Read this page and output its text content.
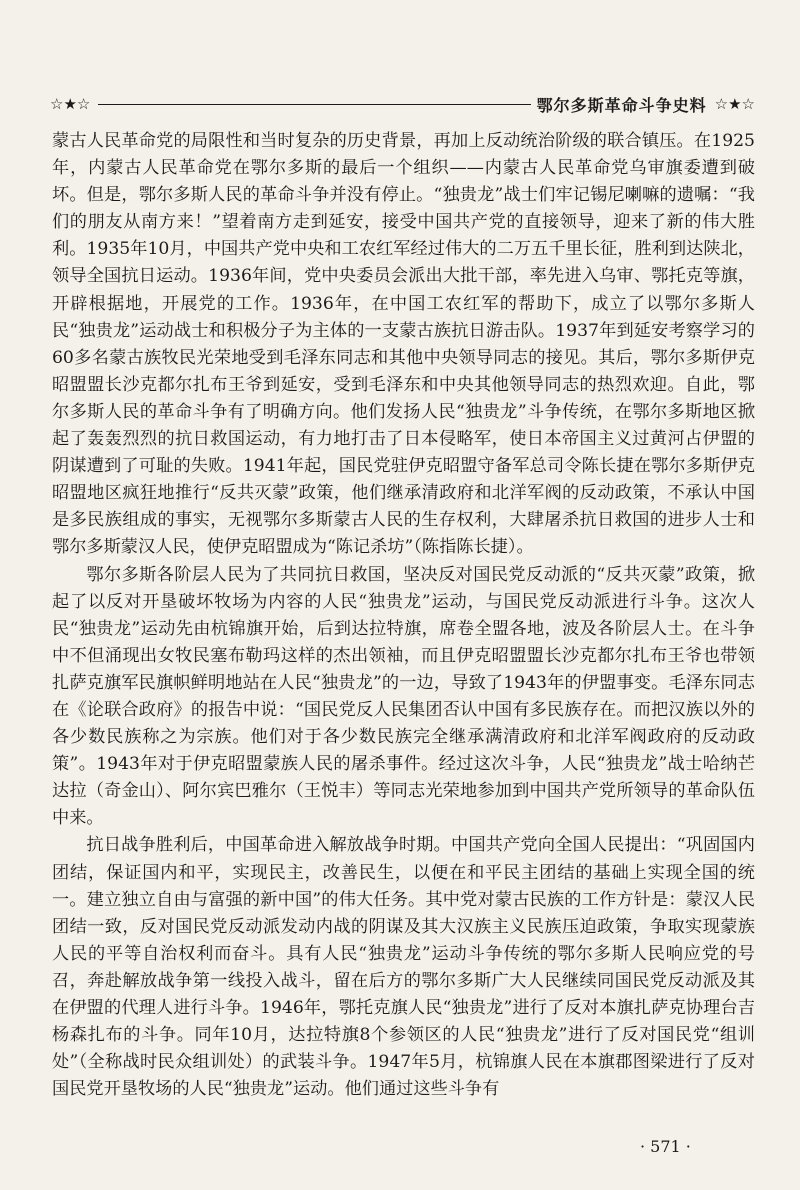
☆★☆	鄂尔多斯革命斗争史料 ☆★☆

蒙古人民革命党的局限性和当时复杂的历史背景，再加上反动统治阶级的联合镇压。在1925年，内蒙古人民革命党在鄂尔多斯的最后一个组织——内蒙古人民革命党乌审旗委遭到破坏。但是，鄂尔多斯人民的革命斗争并没有停止。“独贵龙”战士们牢记锡尼喇嘛的遗嘱：“我们的朋友从南方来！”望着南方走到延安，接受中国共产党的直接领导，迎来了新的伟大胜利。1935年10月，中国共产党中央和工农红军经过伟大的二万五千里长征，胜利到达陕北，领导全国抗日运动。1936年间，党中央委员会派出大批干部，率先进入乌审、鄂托克等旗，开辟根据地，开展党的工作。1936年，在中国工农红军的帮助下，成立了以鄂尔多斯人民“独贵龙”运动战士和积极分子为主体的一支蒙古族抗日游击队。1937年到延安考察学习的60多名蒙古族牧民光荣地受到毛泽东同志和其他中央领导同志的接见。其后，鄂尔多斯伊克昭盟盟长沙克都尔扎布王爷到延安，受到毛泽东和中央其他领导同志的热烈欢迎。自此，鄂尔多斯人民的革命斗争有了明确方向。他们发扬人民“独贵龙”斗争传统，在鄂尔多斯地区掀起了轰轰烈烈的抗日救国运动，有力地打击了日本侵略军，使日本帝国主义过黄河占伊盟的阴谋遭到了可耻的失败。1941年起，国民党驻伊克昭盟守备军总司令陈长捷在鄂尔多斯伊克昭盟地区疯狂地推行“反共灭蒙”政策，他们继承清政府和北洋军阀的反动政策，不承认中国是多民族组成的事实，无视鄂尔多斯蒙古人民的生存权利，大肆屠杀抗日救国的进步人士和鄂尔多斯蒙汉人民，使伊克昭盟成为“陈记杀坊”（陈指陈长捷）。

鄂尔多斯各阶层人民为了共同抗日救国，坚决反对国民党反动派的“反共灭蒙”政策，掀起了以反对开垦破坏牧场为内容的人民“独贵龙”运动，与国民党反动派进行斗争。这次人民“独贵龙”运动先由杭锦旗开始，后到达拉特旗，席卷全盟各地，波及各阶层人士。在斗争中不但涌现出女牧民塞布勒玛这样的杰出领袖，而且伊克昭盟盟长沙克都尔扎布王爷也带领扎萨克旗军民旗帜鲜明地站在人民“独贵龙”的一边，导致了1943年的伊盟事变。毛泽东同志在《论联合政府》的报告中说：“国民党反人民集团否认中国有多民族存在。而把汉族以外的各少数民族称之为宗族。他们对于各少数民族完全继承满清政府和北洋军阀政府的反动政策”。1943年对于伊克昭盟蒙族人民的屠杀事件。经过这次斗争，人民“独贵龙”战士哈纳芒达拉（奇金山）、阿尔宾巴雅尔（王悦丰）等同志光荣地参加到中国共产党所领导的革命队伍中来。

抗日战争胜利后，中国革命进入解放战争时期。中国共产党向全国人民提出：“巩固国内团结，保证国内和平，实现民主，改善民生，以便在和平民主团结的基础上实现全国的统一。建立独立自由与富强的新中国”的伟大任务。其中党对蒙古民族的工作方针是：蒙汉人民团结一致，反对国民党反动派发动内战的阴谋及其大汉族主义民族压迫政策，争取实现蒙族人民的平等自治权利而奋斗。具有人民“独贵龙”运动斗争传统的鄂尔多斯人民响应党的号召，奔赴解放战争第一线投入战斗，留在后方的鄂尔多斯广大人民继续同国民党反动派及其在伊盟的代理人进行斗争。1946年，鄂托克旗人民“独贵龙”进行了反对本旗扎萨克协理台吉杨森扎布的斗争。同年10月，达拉特旗8个参领区的人民“独贵龙”进行了反对国民党“组训处”（全称战时民众组训处）的武装斗争。1947年5月，杭锦旗人民在本旗郡图梁进行了反对国民党开垦牧场的人民“独贵龙”运动。他们通过这些斗争有

· 571 ·
